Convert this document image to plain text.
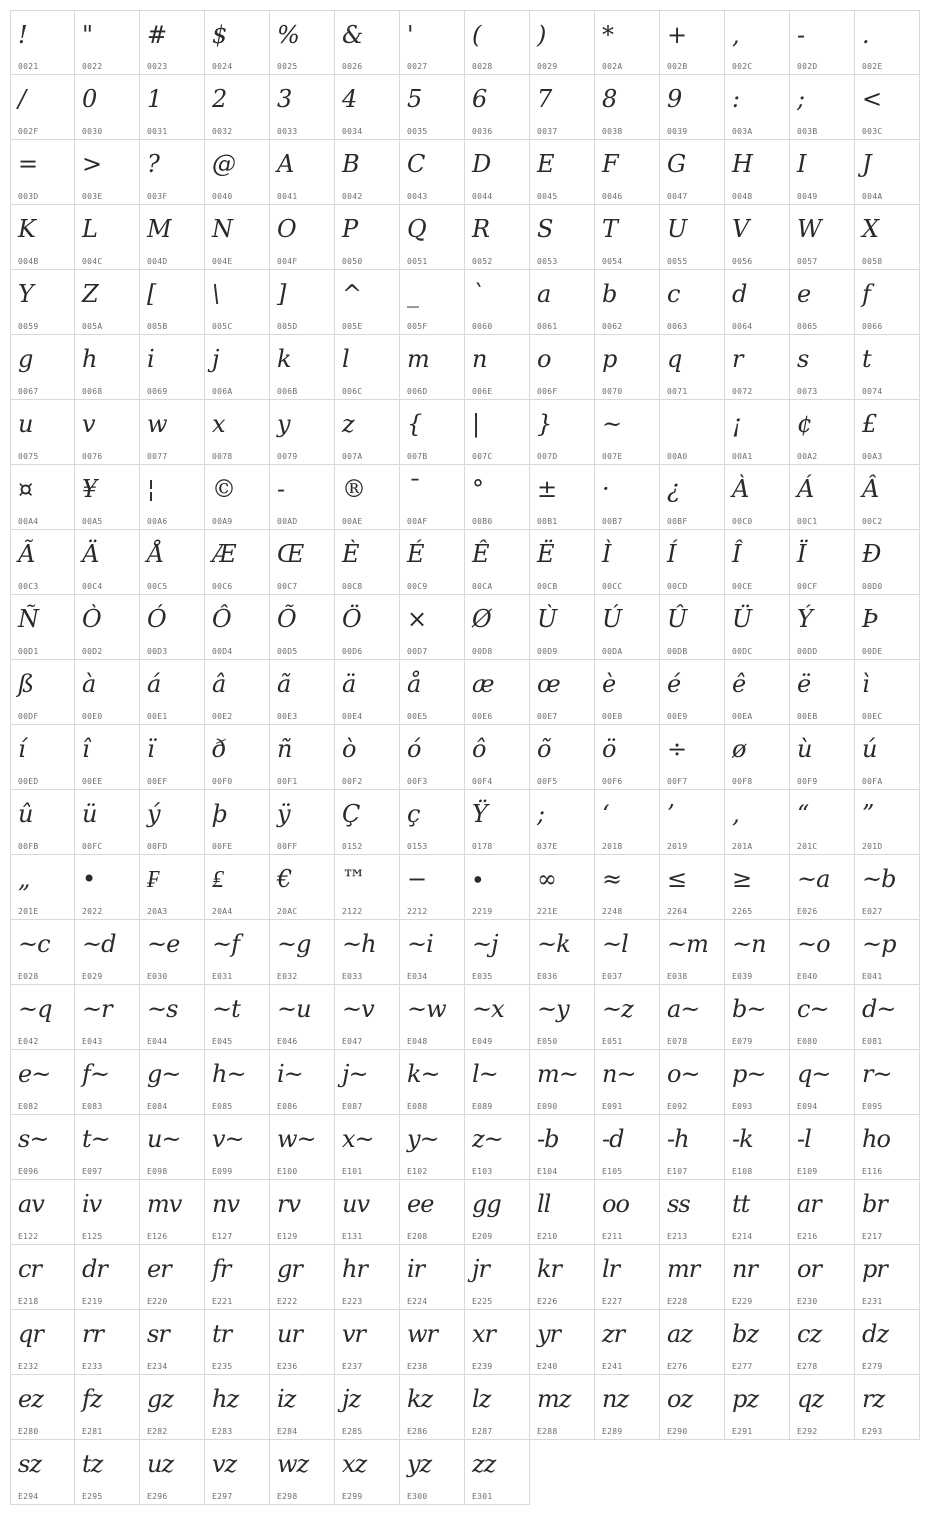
!
0021
"
0022
#
0023
$
0024
%
0025
&
0026
'
0027
(
0028
)
0029
*
002A
+
002B
,
002C
-
002D
.
002E
/
002F
0
0030
1
0031
2
0032
3
0033
4
0034
5
0035
6
0036
7
0037
8
0038
9
0039
:
003A
;
003B
<
003C
=
003D
>
003E
?
003F
@
0040
A
0041
B
0042
C
0043
D
0044
E
0045
F
0046
G
0047
H
0048
I
0049
J
004A
K
004B
L
004C
M
004D
N
004E
O
004F
P
0050
Q
0051
R
0052
S
0053
T
0054
U
0055
V
0056
W
0057
X
0058
Y
0059
Z
005A
[
005B
\
005C
]
005D
^
005E
_
005F
`
0060
a
0061
b
0062
c
0063
d
0064
e
0065
f
0066
g
0067
h
0068
i
0069
j
006A
k
006B
l
006C
m
006D
n
006E
o
006F
p
0070
q
0071
r
0072
s
0073
t
0074
u
0075
v
0076
w
0077
x
0078
y
0079
z
007A
{
007B
|
007C
}
007D
~
007E	00A0
¡
00A1
¢
00A2
£
00A3
¤
00A4
¥
00A5
¦
00A6
©
00A9
-
00AD
®
00AE
¯
00AF
°
00B0
±
00B1
·
00B7
¿
00BF
À
00C0
Á
00C1
Â
00C2
Ã
00C3
Ä
00C4
Å
00C5
Æ
00C6
Œ
00C7
È
00C8
É
00C9
Ê
00CA
Ë
00CB
Ì
00CC
Í
00CD
Î
00CE
Ï
00CF
Đ
00D0
Ñ
00D1
Ò
00D2
Ó
00D3
Ô
00D4
Õ
00D5
Ö
00D6
×
00D7
Ø
00D8
Ù
00D9
Ú
00DA
Û
00DB
Ü
00DC
Ý
00DD
Þ
00DE
ß
00DF
à
00E0
á
00E1
â
00E2
ã
00E3
ä
00E4
å
00E5
æ
00E6
œ
00E7
è
00E8
é
00E9
ê
00EA
ë
00EB
ì
00EC
í
00ED
î
00EE
ï
00EF
ð
00F0
ñ
00F1
ò
00F2
ó
00F3
ô
00F4
õ
00F5
ö
00F6
÷
00F7
ø
00F8
ù
00F9
ú
00FA
û
00FB
ü
00FC
ý
00FD
þ
00FE
ÿ
00FF
Ç
0152
ç
0153
Ÿ
0178
;
037E
‘
2018
’
2019
‚
201A
“
201C
”
201D
„
201E
•
2022
₣
20A3
₤
20A4
€
20AC
™
2122
−
2212
∙
2219
∞
221E
≈
2248
≤
2264
≥
2265
~a
E026
~b
E027
~c
E028
~d
E029
~e
E030
~f
E031
~g
E032
~h
E033
~i
E034
~j
E035
~k
E036
~l
E037
~m
E038
~n
E039
~o
E040
~p
E041
~q
E042
~r
E043
~s
E044
~t
E045
~u
E046
~v
E047
~w
E048
~x
E049
~y
E050
~z
E051
a~
E078
b~
E079
c~
E080
d~
E081
e~
E082
f~
E083
g~
E084
h~
E085
i~
E086
j~
E087
k~
E088
l~
E089
m~
E090
n~
E091
o~
E092
p~
E093
q~
E094
r~
E095
s~
E096
t~
E097
u~
E098
v~
E099
w~
E100
x~
E101
y~
E102
z~
E103
-b
E104
-d
E105
-h
E107
-k
E108
-l
E109
ho
E116
av
E122
iv
E125
mv
E126
nv
E127
rv
E129
uv
E131
ee
E208
gg
E209
ll
E210
oo
E211
ss
E213
tt
E214
ar
E216
br
E217
cr
E218
dr
E219
er
E220
fr
E221
gr
E222
hr
E223
ir
E224
jr
E225
kr
E226
lr
E227
mr
E228
nr
E229
or
E230
pr
E231
qr
E232
rr
E233
sr
E234
tr
E235
ur
E236
vr
E237
wr
E238
xr
E239
yr
E240
zr
E241
az
E276
bz
E277
cz
E278
dz
E279
ez
E280
fz
E281
gz
E282
hz
E283
iz
E284
jz
E285
kz
E286
lz
E287
mz
E288
nz
E289
oz
E290
pz
E291
qz
E292
rz
E293
sz
E294
tz
E295
uz
E296
vz
E297
wz
E298
xz
E299
yz
E300
zz
E301
